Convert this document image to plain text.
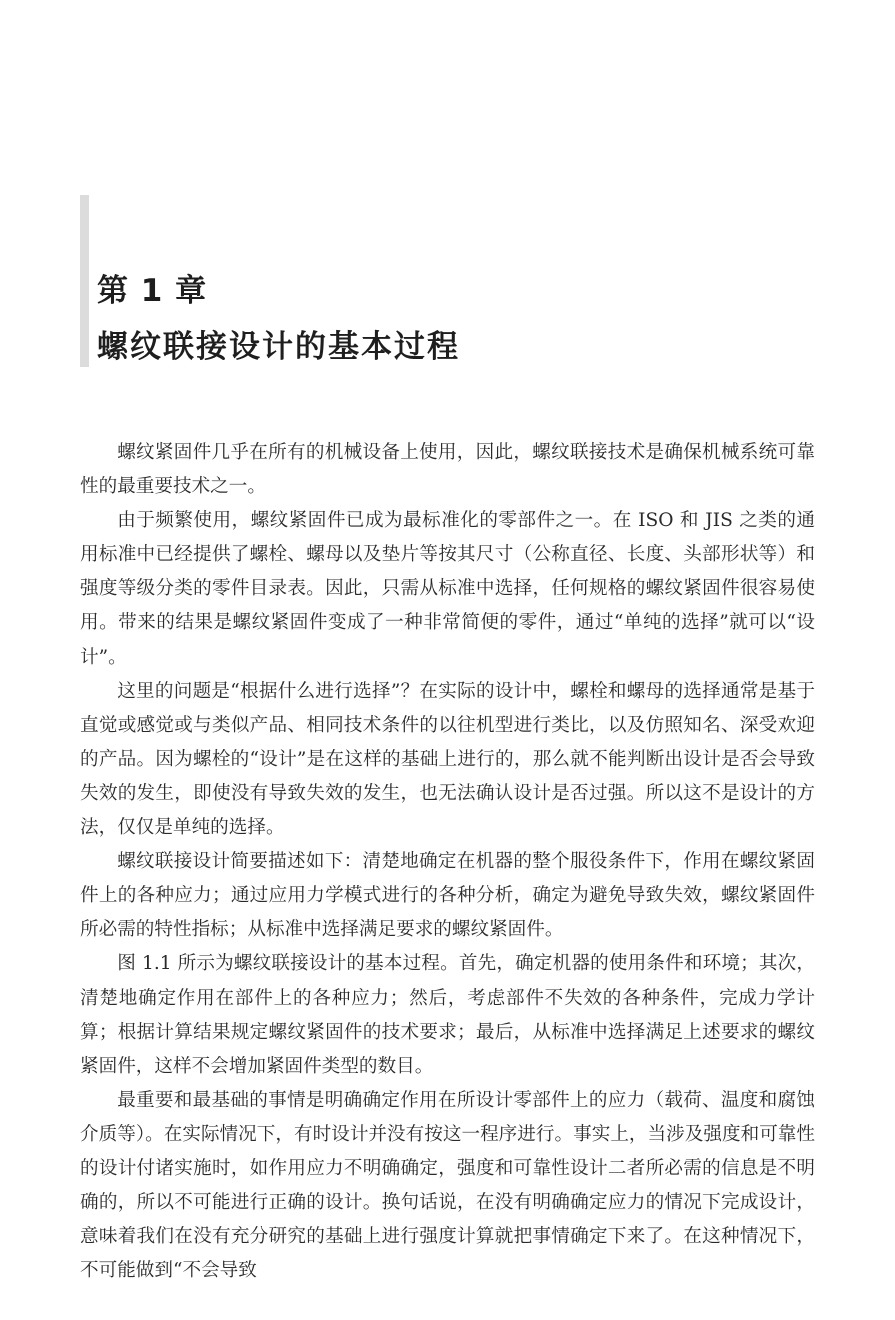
第 1 章
螺纹联接设计的基本过程

螺纹紧固件几乎在所有的机械设备上使用，因此，螺纹联接技术是确保机械系统可靠性的最重要技术之一。

由于频繁使用，螺纹紧固件已成为最标准化的零部件之一。在 ISO 和 JIS 之类的通用标准中已经提供了螺栓、螺母以及垫片等按其尺寸（公称直径、长度、头部形状等）和强度等级分类的零件目录表。因此，只需从标准中选择，任何规格的螺纹紧固件很容易使用。带来的结果是螺纹紧固件变成了一种非常简便的零件，通过“单纯的选择”就可以“设计”。

这里的问题是“根据什么进行选择”？在实际的设计中，螺栓和螺母的选择通常是基于直觉或感觉或与类似产品、相同技术条件的以往机型进行类比，以及仿照知名、深受欢迎的产品。因为螺栓的“设计”是在这样的基础上进行的，那么就不能判断出设计是否会导致失效的发生，即使没有导致失效的发生，也无法确认设计是否过强。所以这不是设计的方法，仅仅是单纯的选择。

螺纹联接设计简要描述如下：清楚地确定在机器的整个服役条件下，作用在螺纹紧固件上的各种应力；通过应用力学模式进行的各种分析，确定为避免导致失效，螺纹紧固件所必需的特性指标；从标准中选择满足要求的螺纹紧固件。

图 1.1 所示为螺纹联接设计的基本过程。首先，确定机器的使用条件和环境；其次，清楚地确定作用在部件上的各种应力；然后，考虑部件不失效的各种条件，完成力学计算；根据计算结果规定螺纹紧固件的技术要求；最后，从标准中选择满足上述要求的螺纹紧固件，这样不会增加紧固件类型的数目。

最重要和最基础的事情是明确确定作用在所设计零部件上的应力（载荷、温度和腐蚀介质等）。在实际情况下，有时设计并没有按这一程序进行。事实上，当涉及强度和可靠性的设计付诸实施时，如作用应力不明确确定，强度和可靠性设计二者所必需的信息是不明确的，所以不可能进行正确的设计。换句话说，在没有明确确定应力的情况下完成设计，意味着我们在没有充分研究的基础上进行强度计算就把事情确定下来了。在这种情况下，不可能做到“不会导致
